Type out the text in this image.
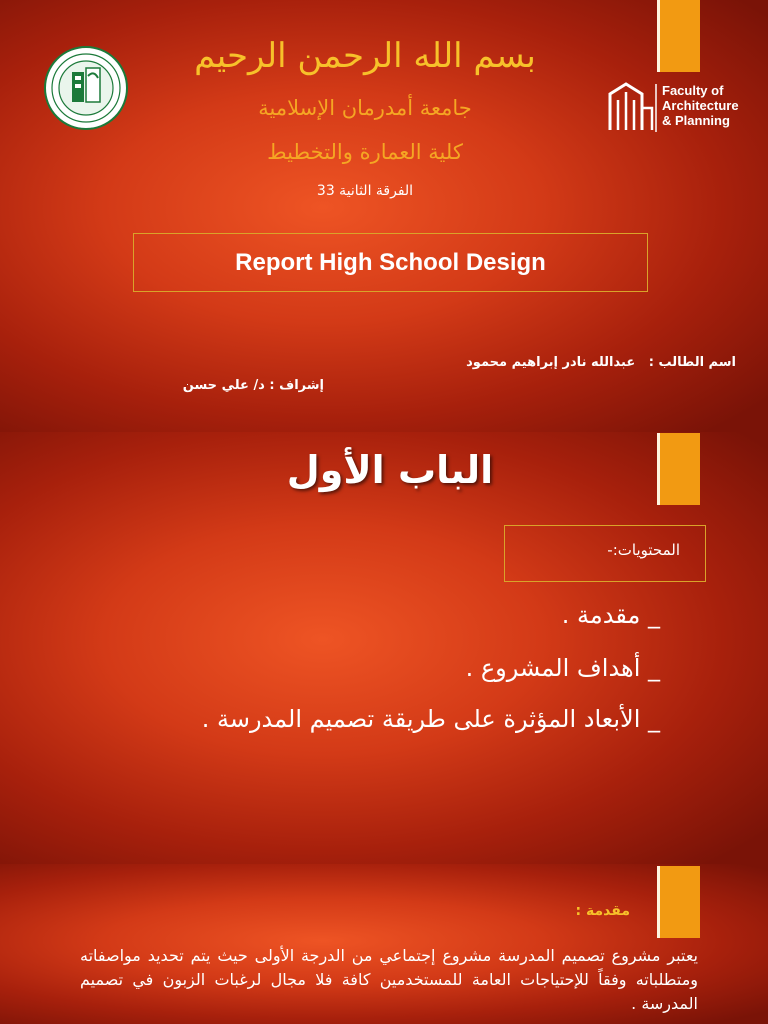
Faculty of
Architecture
& Planning
بسم الله الرحمن الرحيم
جامعة أمدرمان الإسلامية
كلية العمارة والتخطيط
الفرقة الثانية 33
Report High School Design
اسم الطالب :   عبدالله نادر إبراهيم محمود
إشراف : د/ علي حسن
الباب الأول
المحتويات:-
_ مقدمة .
_ أهداف المشروع .
_ الأبعاد المؤثرة على طريقة تصميم المدرسة .
مقدمة :
يعتبر مشروع تصميم المدرسة مشروع إجتماعي من الدرجة الأولى حيث يتم تحديد مواصفاته ومتطلباته وفقاً للإحتياجات العامة للمستخدمين كافة فلا مجال لرغبات الزبون في تصميم المدرسة .
